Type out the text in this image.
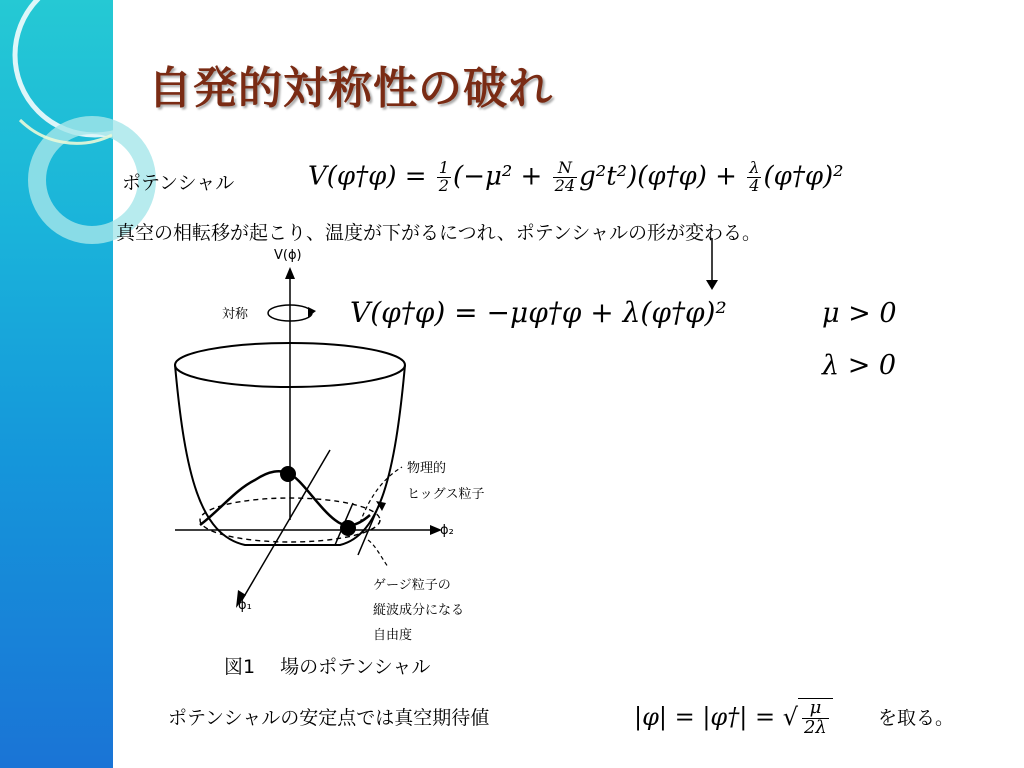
自発的対称性の破れ
ポテンシャル	V(φ†φ) = $\frac{1}{2} (-\mu^2 + \frac{N}{24}$ g²t²)(φ†φ) + $\frac{\lambda}{4}$ (φ†φ)²
真空の相転移が起こり、温度が下がるにつれ、ポテンシャルの形が変わる。
V(φ†φ) = −μφ†φ + λ(φ†φ)²	μ > 0
λ > 0
V(ϕ)
対称
ϕ₂
ϕ₁
物理的
ヒッグス粒子
ゲージ粒子の
縦波成分になる
自由度
図1　 場のポテンシャル
ポテンシャルの安定点では真空期待値	|φ| = |φ†| = √ $\frac{\mu}{2\lambda}$	を取る。
